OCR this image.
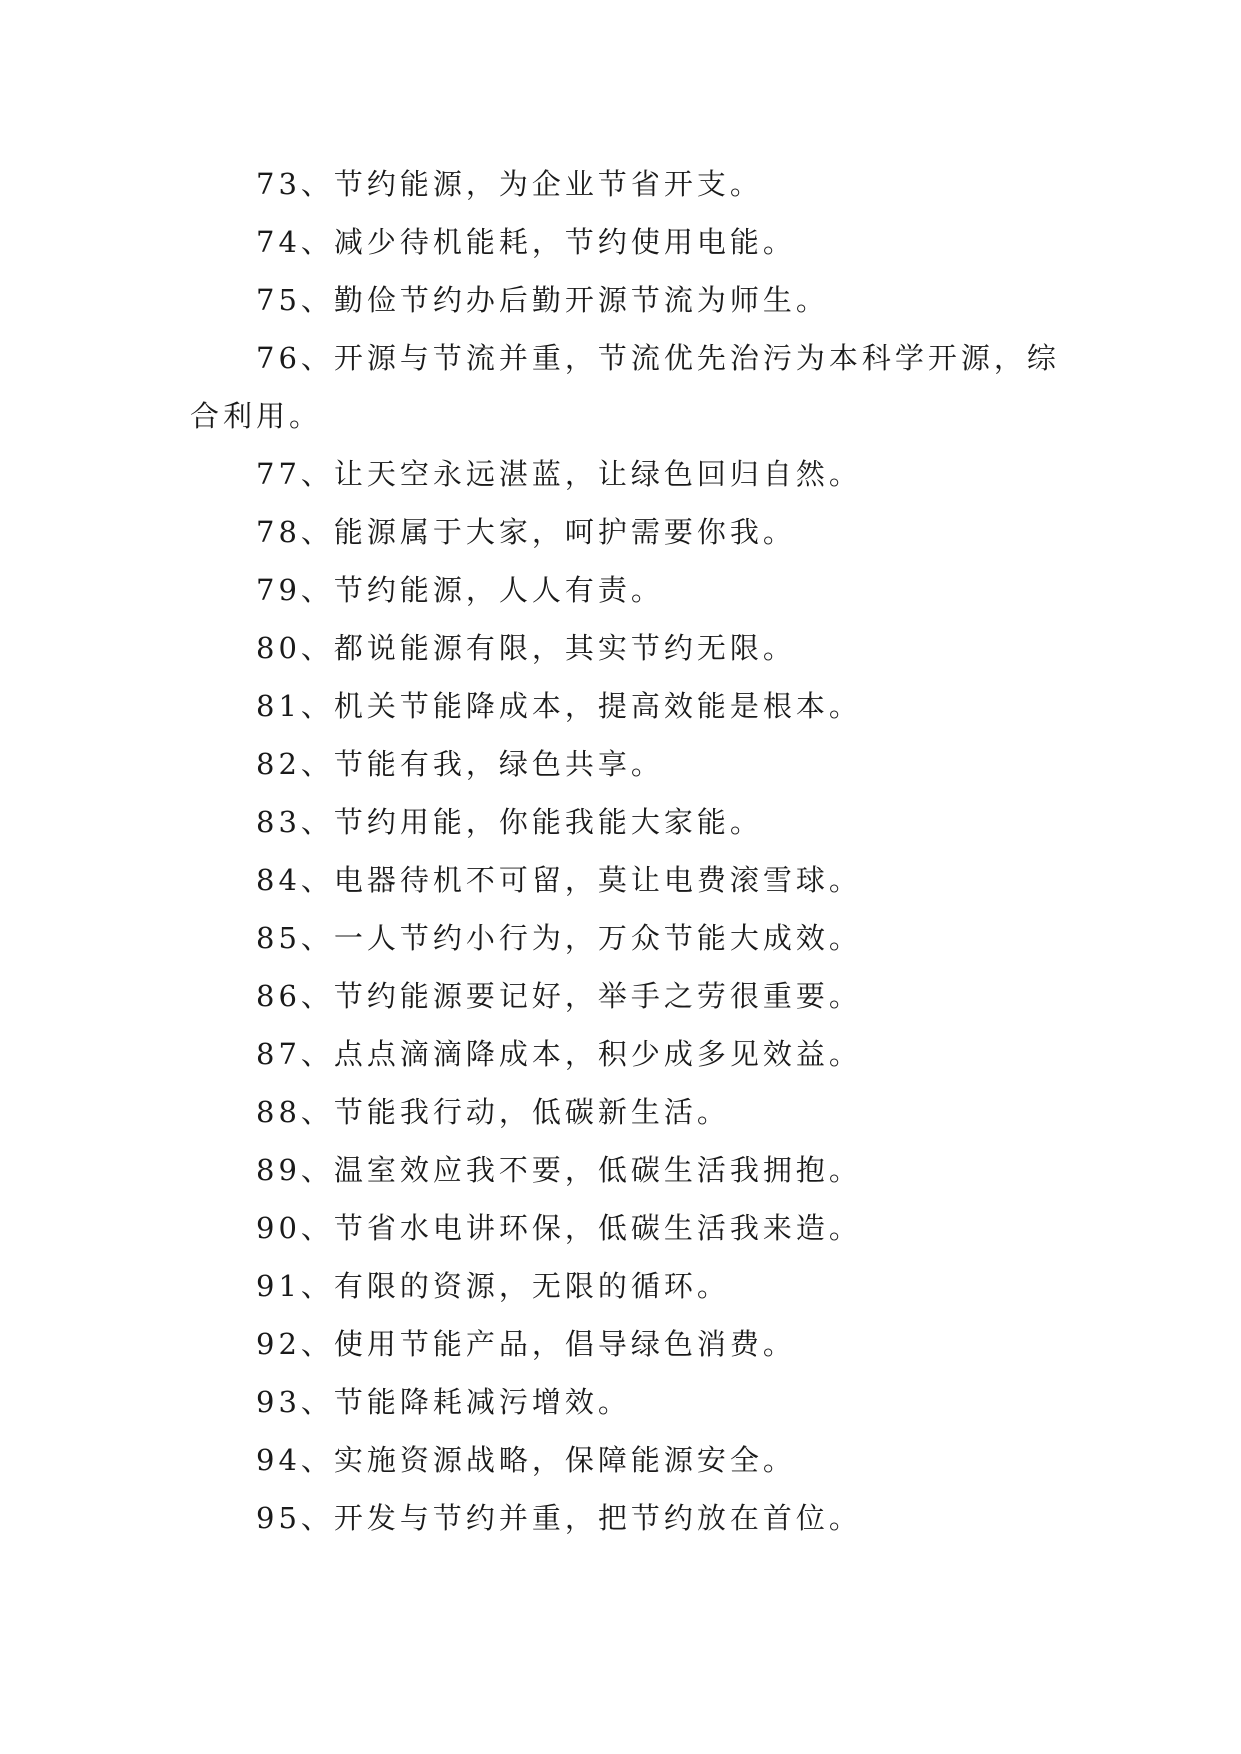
73、节约能源，为企业节省开支。

74、减少待机能耗，节约使用电能。

75、勤俭节约办后勤开源节流为师生。

76、开源与节流并重，节流优先治污为本科学开源，综合利用。

77、让天空永远湛蓝，让绿色回归自然。

78、能源属于大家，呵护需要你我。

79、节约能源，人人有责。

80、都说能源有限，其实节约无限。

81、机关节能降成本，提高效能是根本。

82、节能有我，绿色共享。

83、节约用能，你能我能大家能。

84、电器待机不可留，莫让电费滚雪球。

85、一人节约小行为，万众节能大成效。

86、节约能源要记好，举手之劳很重要。

87、点点滴滴降成本，积少成多见效益。

88、节能我行动，低碳新生活。

89、温室效应我不要，低碳生活我拥抱。

90、节省水电讲环保，低碳生活我来造。

91、有限的资源，无限的循环。

92、使用节能产品，倡导绿色消费。

93、节能降耗减污增效。

94、实施资源战略，保障能源安全。

95、开发与节约并重，把节约放在首位。
